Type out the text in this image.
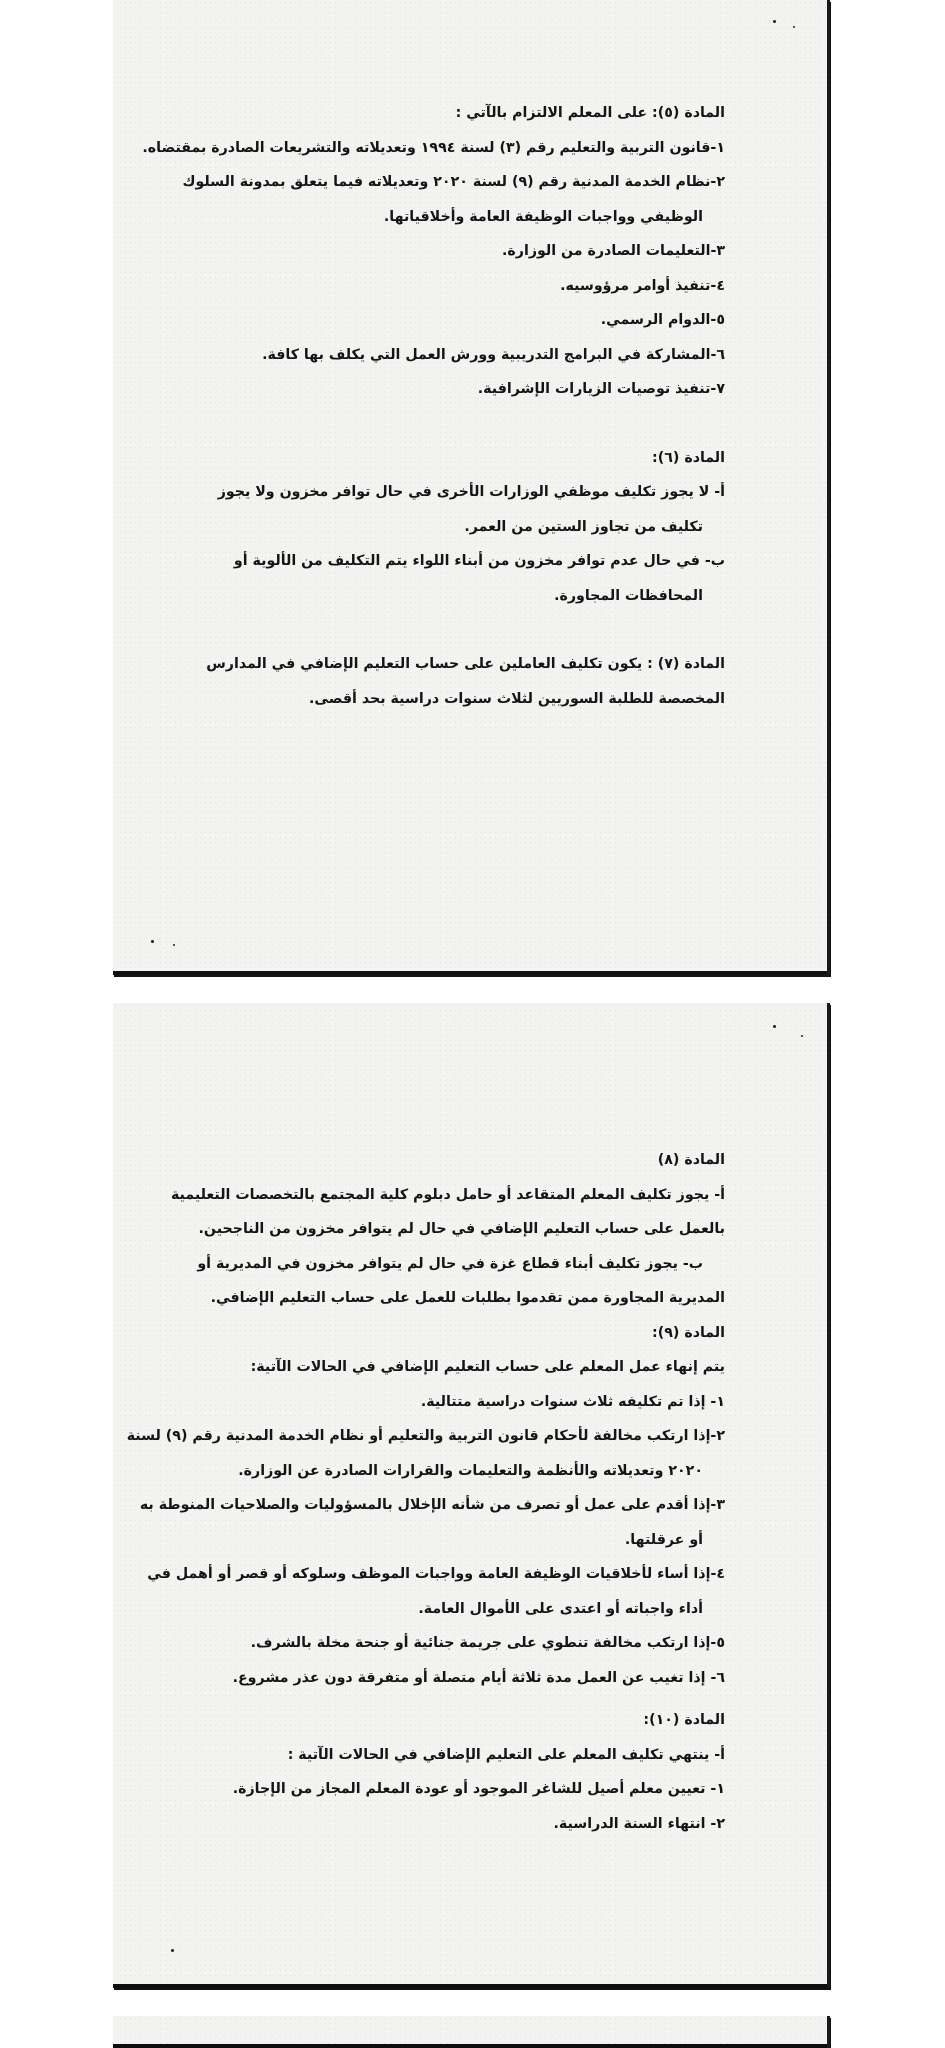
المادة (٥): على المعلم الالتزام بالآتي :
١-قانون التربية والتعليم رقم (٣) لسنة ١٩٩٤ وتعديلاته والتشريعات الصادرة بمقتضاه.
٢-نظام الخدمة المدنية رقم (٩) لسنة ٢٠٢٠ وتعديلاته فيما يتعلق بمدونة السلوك
الوظيفي وواجبات الوظيفة العامة وأخلاقياتها.
٣-التعليمات الصادرة من الوزارة.
٤-تنفيذ أوامر مرؤوسيه.
٥-الدوام الرسمي.
٦-المشاركة في البرامج التدريبية وورش العمل التي يكلف بها كافة.
٧-تنفيذ توصيات الزيارات الإشرافية.
المادة (٦):
أ- لا يجوز تكليف موظفي الوزارات الأخرى في حال توافر مخزون ولا يجوز
تكليف من تجاوز الستين من العمر.
ب- في حال عدم توافر مخزون من أبناء اللواء يتم التكليف من الألوية أو
المحافظات المجاورة.
المادة (٧) : يكون تكليف العاملين على حساب التعليم الإضافي في المدارس
المخصصة للطلبة السوريين لثلاث سنوات دراسية بحد أقصى.
المادة (٨)
أ- يجوز تكليف المعلم المتقاعد أو حامل دبلوم كلية المجتمع بالتخصصات التعليمية
بالعمل على حساب التعليم الإضافي في حال لم يتوافر مخزون من الناجحين.
ب- يجوز تكليف أبناء قطاع غزة في حال لم يتوافر مخزون في المديرية أو
المديرية المجاورة ممن تقدموا بطلبات للعمل على حساب التعليم الإضافي.
المادة (٩):
يتم إنهاء عمل المعلم على حساب التعليم الإضافي في الحالات الآتية:
١- إذا تم تكليفه ثلاث سنوات دراسية متتالية.
٢-إذا ارتكب مخالفة لأحكام قانون التربية والتعليم أو نظام الخدمة المدنية رقم (٩) لسنة
٢٠٢٠ وتعديلاته والأنظمة والتعليمات والقرارات الصادرة عن الوزارة.
٣-إذا أقدم على عمل أو تصرف من شأنه الإخلال بالمسؤوليات والصلاحيات المنوطة به
أو عرقلتها.
٤-إذا أساء لأخلاقيات الوظيفة العامة وواجبات الموظف وسلوكه أو قصر أو أهمل في
أداء واجباته أو اعتدى على الأموال العامة.
٥-إذا ارتكب مخالفة تنطوي على جريمة جنائية أو جنحة مخلة بالشرف.
٦- إذا تغيب عن العمل مدة ثلاثة أيام متصلة أو متفرقة دون عذر مشروع.
المادة (١٠):
أ- ينتهي تكليف المعلم على التعليم الإضافي في الحالات الآتية :
١- تعيين معلم أصيل للشاغر الموجود أو عودة المعلم المجاز من الإجازة.
٢- انتهاء السنة الدراسية.
